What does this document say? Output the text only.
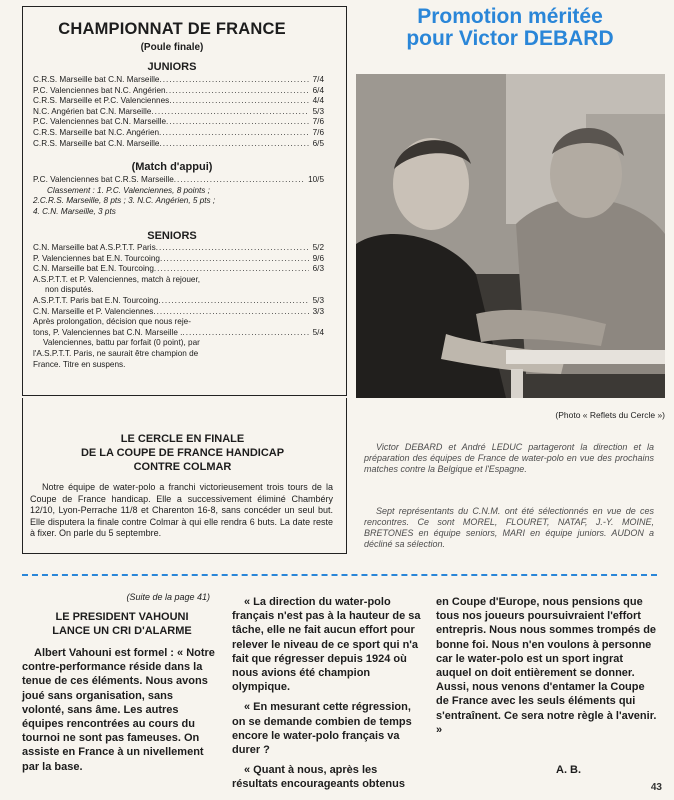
CHAMPIONNAT DE FRANCE
(Poule finale)
JUNIORS
C.R.S. Marseille bat C.N. Marseille .....	7/4
P.C. Valenciennes bat N.C. Angérien .....	6/4
C.R.S. Marseille et P.C. Valenciennes .....	4/4
N.C. Angérien bat C.N. Marseille .....	5/3
P.C. Valenciennes bat C.N. Marseille .....	7/6
C.R.S. Marseille bat N.C. Angérien .....	7/6
C.R.S. Marseille bat C.N. Marseille .....	6/5
(Match d'appui)
P.C. Valenciennes bat C.R.S. Marseille .....	10/5
Classement : 1. P.C. Valenciennes, 8 points ;
2.C.R.S. Marseille, 8 pts ; 3. N.C. Angérien, 5 pts ;
4. C.N. Marseille, 3 pts
SENIORS
C.N. Marseille bat A.S.P.T.T. Paris .....	5/2
P. Valenciennes bat E.N. Tourcoing .....	9/6
C.N. Marseille bat E.N. Tourcoing .....	6/3
A.S.P.T.T. et P. Valenciennes, match à rejouer,
non disputés.
A.S.P.T.T. Paris bat E.N. Tourcoing .....	5/3
C.N. Marseille et P. Valenciennes .....	3/3
Après prolongation, décision que nous reje-
tons, P. Valenciennes bat C.N. Marseille . .....	5/4
Valenciennes, battu par forfait (0 point), par
l'A.S.P.T.T. Paris, ne saurait être champion de
France. Titre en suspens.
Promotion méritée
pour Victor DEBARD
(Photo « Reflets du Cercle »)
LE CERCLE EN FINALE
DE LA COUPE DE FRANCE HANDICAP
CONTRE COLMAR
Notre équipe de water-polo a franchi victorieusement trois tours de la Coupe de France handicap. Elle a successivement éliminé Chambéry 12/10, Lyon-Perrache 11/8 et Charenton 16-8, sans concéder un seul but. Elle disputera la finale contre Colmar à qui elle rendra 6 buts. La date reste à fixer. On parle du 5 septembre.
Victor DEBARD et André LEDUC partageront la direction et la préparation des équipes de France de water-polo en vue des prochains matches contre la Belgique et l'Espagne.
Sept représentants du C.N.M. ont été sélectionnés en vue de ces rencontres. Ce sont MOREL, FLOURET, NATAF, J.-Y. MOINE, BRETONES en équipe seniors, MARI en équipe juniors. AUDON a décliné sa sélection.
(Suite de la page 41)
LE PRESIDENT VAHOUNI
LANCE UN CRI D'ALARME
Albert Vahouni est formel : « Notre contre-performance réside dans la tenue de ces éléments. Nous avons joué sans organisation, sans volonté, sans âme. Les autres équipes rencontrées au cours du tournoi ne sont pas fameuses. On assiste en France à un nivellement par la base.
« La direction du water-polo français n'est pas à la hauteur de sa tâche, elle ne fait aucun effort pour relever le niveau de ce sport qui n'a fait que régresser depuis 1924 où nous avions été champion olympique.
« En mesurant cette régression, on se demande combien de temps encore le water-polo français va durer ?
« Quant à nous, après les résultats encourageants obtenus
en Coupe d'Europe, nous pensions que tous nos joueurs poursuivraient l'effort entrepris. Nous nous sommes trompés de bonne foi. Nous n'en voulons à personne car le water-polo est un sport ingrat auquel on doit entièrement se donner. Aussi, nous venons d'entamer la Coupe de France avec les seuls éléments qui s'entraînent. Ce sera notre règle à l'avenir. »
A. B.
43
